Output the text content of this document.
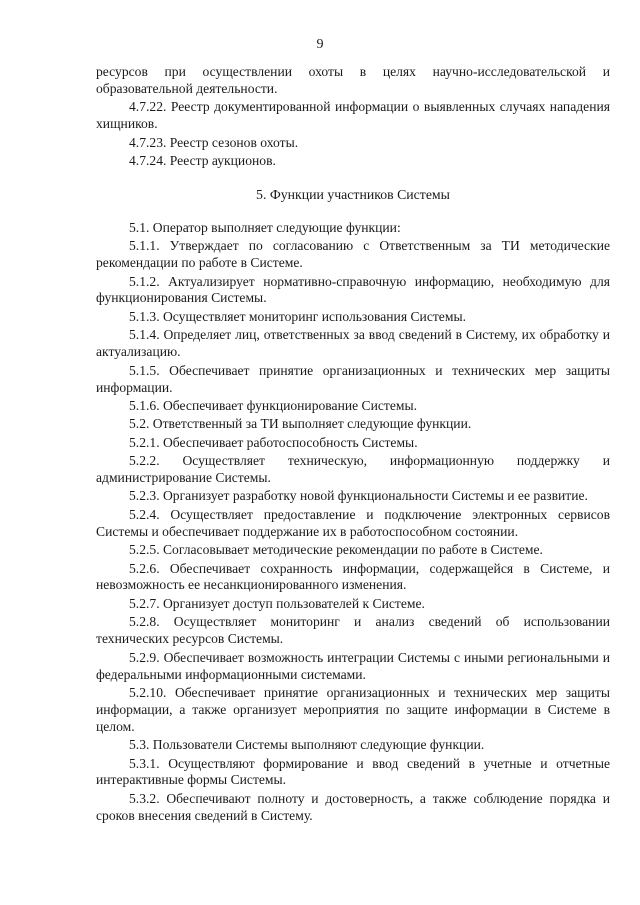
9

ресурсов при осуществлении охоты в целях научно-исследовательской и образовательной деятельности.

4.7.22. Реестр документированной информации о выявленных случаях нападения хищников.

4.7.23. Реестр сезонов охоты.

4.7.24. Реестр аукционов.

5. Функции участников Системы

5.1. Оператор выполняет следующие функции:

5.1.1. Утверждает по согласованию с Ответственным за ТИ методические рекомендации по работе в Системе.

5.1.2. Актуализирует нормативно-справочную информацию, необходимую для функционирования Системы.

5.1.3. Осуществляет мониторинг использования Системы.

5.1.4. Определяет лиц, ответственных за ввод сведений в Систему, их обработку и актуализацию.

5.1.5. Обеспечивает принятие организационных и технических мер защиты информации.

5.1.6. Обеспечивает функционирование Системы.

5.2. Ответственный за ТИ выполняет следующие функции.

5.2.1. Обеспечивает работоспособность Системы.

5.2.2. Осуществляет техническую, информационную поддержку и администрирование Системы.

5.2.3. Организует разработку новой функциональности Системы и ее развитие.

5.2.4. Осуществляет предоставление и подключение электронных сервисов Системы и обеспечивает поддержание их в работоспособном состоянии.

5.2.5. Согласовывает методические рекомендации по работе в Системе.

5.2.6. Обеспечивает сохранность информации, содержащейся в Системе, и невозможность ее несанкционированного изменения.

5.2.7. Организует доступ пользователей к Системе.

5.2.8. Осуществляет мониторинг и анализ сведений об использовании технических ресурсов Системы.

5.2.9. Обеспечивает возможность интеграции Системы с иными региональными и федеральными информационными системами.

5.2.10. Обеспечивает принятие организационных и технических мер защиты информации, а также организует мероприятия по защите информации в Системе в целом.

5.3. Пользователи Системы выполняют следующие функции.

5.3.1. Осуществляют формирование и ввод сведений в учетные и отчетные интерактивные формы Системы.

5.3.2. Обеспечивают полноту и достоверность, а также соблюдение порядка и сроков внесения сведений в Систему.
